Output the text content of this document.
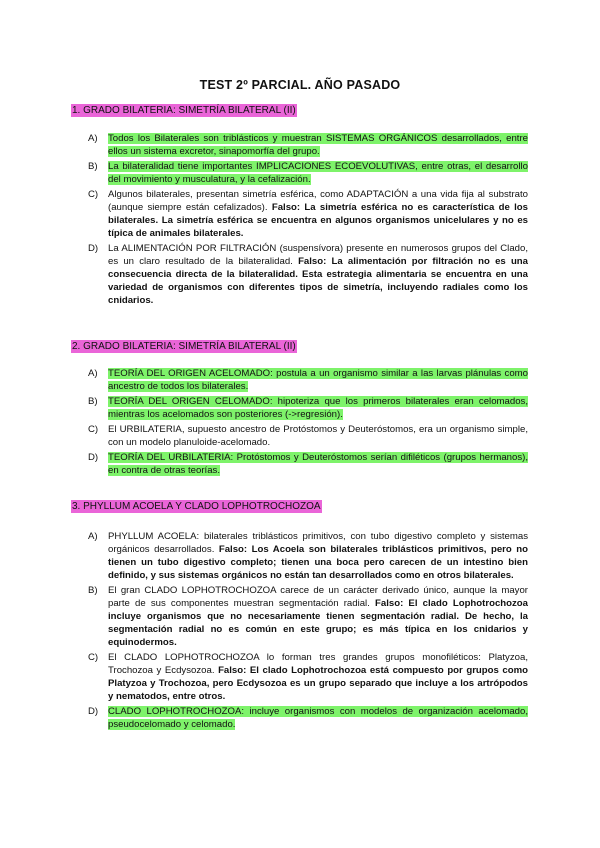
TEST 2º PARCIAL. AÑO PASADO
1. GRADO BILATERIA: SIMETRÍA BILATERAL (II)
A) Todos los Bilaterales son triblásticos y muestran SISTEMAS ORGÁNICOS desarrollados, entre ellos un sistema excretor, sinapomorfía del grupo.
B) La bilateralidad tiene importantes IMPLICACIONES ECOEVOLUTIVAS, entre otras, el desarrollo del movimiento y musculatura, y la cefalización.
C) Algunos bilaterales, presentan simetría esférica, como ADAPTACIÓN a una vida fija al substrato (aunque siempre están cefalizados). Falso: La simetría esférica no es característica de los bilaterales. La simetría esférica se encuentra en algunos organismos unicelulares y no es típica de animales bilaterales.
D) La ALIMENTACIÓN POR FILTRACIÓN (suspensívora) presente en numerosos grupos del Clado, es un claro resultado de la bilateralidad. Falso: La alimentación por filtración no es una consecuencia directa de la bilateralidad. Esta estrategia alimentaria se encuentra en una variedad de organismos con diferentes tipos de simetría, incluyendo radiales como los cnidarios.
2. GRADO BILATERIA: SIMETRÍA BILATERAL (II)
A) TEORÍA DEL ORIGEN ACELOMADO: postula a un organismo similar a las larvas plánulas como ancestro de todos los bilaterales.
B) TEORÍA DEL ORIGEN CELOMADO: hipoteriza que los primeros bilaterales eran celomados, mientras los acelomados son posteriores (->regresión).
C) El URBILATERIA, supuesto ancestro de Protóstomos y Deuteróstomos, era un organismo simple, con un modelo planuloide-acelomado.
D) TEORÍA DEL URBILATERIA: Protóstomos y Deuteróstomos serían difiléticos (grupos hermanos), en contra de otras teorías.
3. PHYLLUM ACOELA Y CLADO LOPHOTROCHOZOA
A) PHYLLUM ACOELA: bilaterales triblásticos primitivos, con tubo digestivo completo y sistemas orgánicos desarrollados. Falso: Los Acoela son bilaterales triblásticos primitivos, pero no tienen un tubo digestivo completo; tienen una boca pero carecen de un intestino bien definido, y sus sistemas orgánicos no están tan desarrollados como en otros bilaterales.
B) El gran CLADO LOPHOTROCHOZOA carece de un carácter derivado único, aunque la mayor parte de sus componentes muestran segmentación radial. Falso: El clado Lophotrochozoa incluye organismos que no necesariamente tienen segmentación radial. De hecho, la segmentación radial no es común en este grupo; es más típica en los cnidarios y equinodermos.
C) El CLADO LOPHOTROCHOZOA lo forman tres grandes grupos monofiléticos: Platyzoa, Trochozoa y Ecdysozoa. Falso: El clado Lophotrochozoa está compuesto por grupos como Platyzoa y Trochozoa, pero Ecdysozoa es un grupo separado que incluye a los artrópodos y nematodos, entre otros.
D) CLADO LOPHOTROCHOZOA: incluye organismos con modelos de organización acelomado, pseudocelomado y celomado.
